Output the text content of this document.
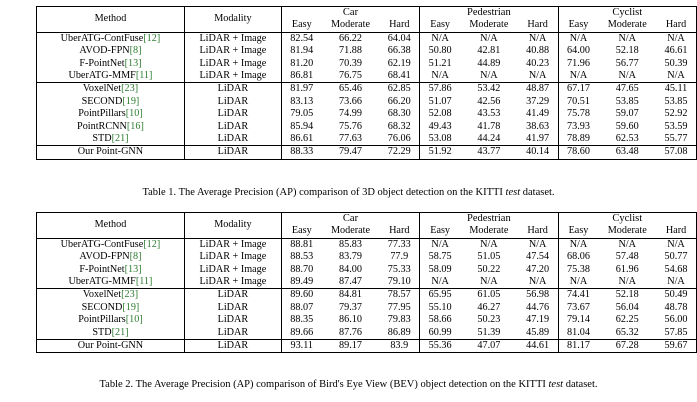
Method	Modality	Car			Pedestrian			Cyclist		
		Easy	Moderate	Hard	Easy	Moderate	Hard	Easy	Moderate	Hard
UberATG-ContFuse[12]	LiDAR + Image	82.54	66.22	64.04	N/A	N/A	N/A	N/A	N/A	N/A
AVOD-FPN[8]	LiDAR + Image	81.94	71.88	66.38	50.80	42.81	40.88	64.00	52.18	46.61
F-PointNet[13]	LiDAR + Image	81.20	70.39	62.19	51.21	44.89	40.23	71.96	56.77	50.39
UberATG-MMF[11]	LiDAR + Image	86.81	76.75	68.41	N/A	N/A	N/A	N/A	N/A	N/A
VoxelNet[23]	LiDAR	81.97	65.46	62.85	57.86	53.42	48.87	67.17	47.65	45.11
SECOND[19]	LiDAR	83.13	73.66	66.20	51.07	42.56	37.29	70.51	53.85	53.85
PointPillars[10]	LiDAR	79.05	74.99	68.30	52.08	43.53	41.49	75.78	59.07	52.92
PointRCNN[16]	LiDAR	85.94	75.76	68.32	49.43	41.78	38.63	73.93	59.60	53.59
STD[21]	LiDAR	86.61	77.63	76.06	53.08	44.24	41.97	78.89	62.53	55.77
Our Point-GNN	LiDAR	88.33	79.47	72.29	51.92	43.77	40.14	78.60	63.48	57.08
Table 1. The Average Precision (AP) comparison of 3D object detection on the KITTI test dataset.
Method	Modality	Car			Pedestrian			Cyclist		
		Easy	Moderate	Hard	Easy	Moderate	Hard	Easy	Moderate	Hard
UberATG-ContFuse[12]	LiDAR + Image	88.81	85.83	77.33	N/A	N/A	N/A	N/A	N/A	N/A
AVOD-FPN[8]	LiDAR + Image	88.53	83.79	77.9	58.75	51.05	47.54	68.06	57.48	50.77
F-PointNet[13]	LiDAR + Image	88.70	84.00	75.33	58.09	50.22	47.20	75.38	61.96	54.68
UberATG-MMF[11]	LiDAR + Image	89.49	87.47	79.10	N/A	N/A	N/A	N/A	N/A	N/A
VoxelNet[23]	LiDAR	89.60	84.81	78.57	65.95	61.05	56.98	74.41	52.18	50.49
SECOND[19]	LiDAR	88.07	79.37	77.95	55.10	46.27	44.76	73.67	56.04	48.78
PointPillars[10]	LiDAR	88.35	86.10	79.83	58.66	50.23	47.19	79.14	62.25	56.00
STD[21]	LiDAR	89.66	87.76	86.89	60.99	51.39	45.89	81.04	65.32	57.85
Our Point-GNN	LiDAR	93.11	89.17	83.9	55.36	47.07	44.61	81.17	67.28	59.67
Table 2. The Average Precision (AP) comparison of Bird's Eye View (BEV) object detection on the KITTI test dataset.
